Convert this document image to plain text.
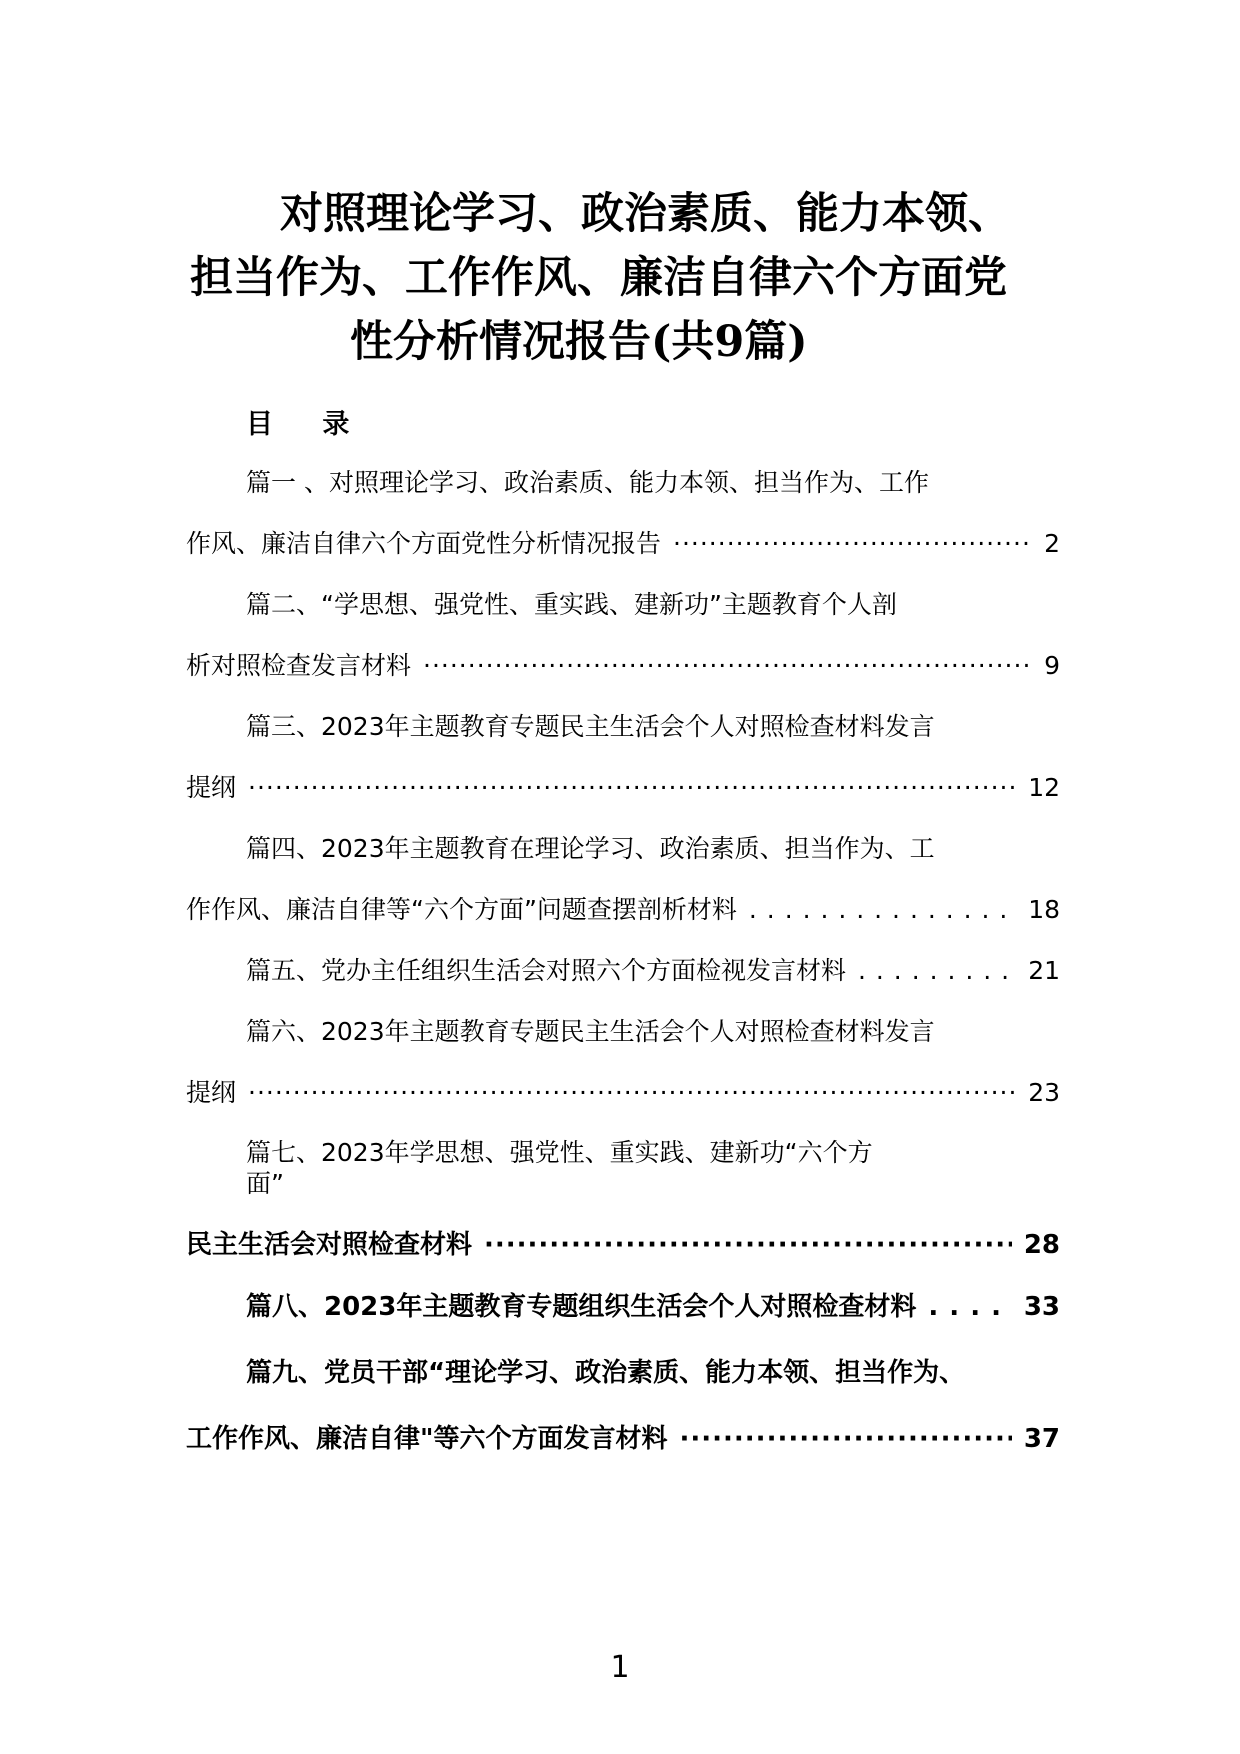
对照理论学习、政治素质、能力本领、
担当作为、工作作风、廉洁自律六个方面党
性分析情况报告(共9篇)
目 录
篇一 、对照理论学习、政治素质、能力本领、担当作为、工作
作风、廉洁自律六个方面党性分析情况报告 ·····	2
篇二、“学思想、强党性、重实践、建新功”主题教育个人剖
析对照检查发言材料 ·····	9
篇三、2023年主题教育专题民主生活会个人对照检查材料发言
提纲 ·····	12
篇四、2023年主题教育在理论学习、政治素质、担当作为、工
作作风、廉洁自律等“六个方面”问题查摆剖析材料 . . .	18
篇五、党办主任组织生活会对照六个方面检视发言材料 . . .	21
篇六、2023年主题教育专题民主生活会个人对照检查材料发言
提纲 ·····	23
篇七、2023年学思想、强党性、重实践、建新功“六个方
面”
民主生活会对照检查材料 ·····	28
篇八、2023年主题教育专题组织生活会个人对照检查材料 . . .	33
篇九、党员干部“理论学习、政治素质、能力本领、担当作为、
工作作风、廉洁自律"等六个方面发言材料 ·····	37
1
